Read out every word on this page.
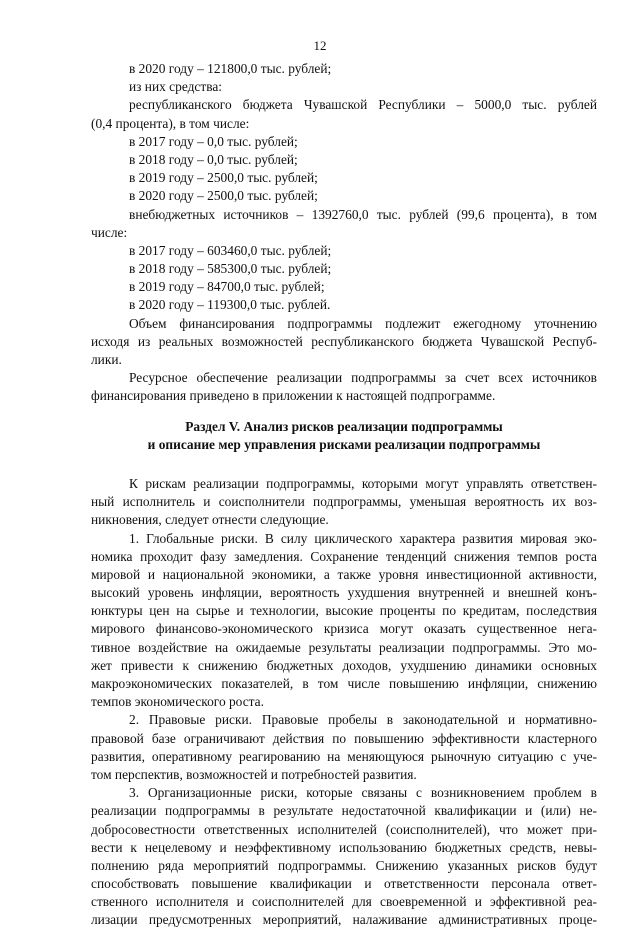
12
в 2020 году – 121800,0 тыс. рублей;
из них средства:
республиканского бюджета Чувашской Республики – 5000,0 тыс. рублей
(0,4 процента), в том числе:
в 2017 году – 0,0 тыс. рублей;
в 2018 году – 0,0 тыс. рублей;
в 2019 году – 2500,0 тыс. рублей;
в 2020 году – 2500,0 тыс. рублей;
внебюджетных источников – 1392760,0 тыс. рублей (99,6 процента), в том
числе:
в 2017 году – 603460,0 тыс. рублей;
в 2018 году – 585300,0 тыс. рублей;
в 2019 году – 84700,0 тыс. рублей;
в 2020 году – 119300,0 тыс. рублей.
Объем финансирования подпрограммы подлежит ежегодному уточнению
исходя из реальных возможностей республиканского бюджета Чувашской Респуб-
лики.
Ресурсное обеспечение реализации подпрограммы за счет всех источников
финансирования приведено в приложении к настоящей подпрограмме.
Раздел V. Анализ рисков реализации подпрограммы
и описание мер управления рисками реализации подпрограммы
К рискам реализации подпрограммы, которыми могут управлять ответствен-
ный исполнитель и соисполнители подпрограммы, уменьшая вероятность их воз-
никновения, следует отнести следующие.
1. Глобальные риски. В силу циклического характера развития мировая эко-
номика проходит фазу замедления. Сохранение тенденций снижения темпов роста
мировой и национальной экономики, а также уровня инвестиционной активности,
высокий уровень инфляции, вероятность ухудшения внутренней и внешней конъ-
юнктуры цен на сырье и технологии, высокие проценты по кредитам, последствия
мирового финансово-экономического кризиса могут оказать существенное нега-
тивное воздействие на ожидаемые результаты реализации подпрограммы. Это мо-
жет привести к снижению бюджетных доходов, ухудшению динамики основных
макроэкономических показателей, в том числе повышению инфляции, снижению
темпов экономического роста.
2. Правовые риски. Правовые пробелы в законодательной и нормативно-
правовой базе ограничивают действия по повышению эффективности кластерного
развития, оперативному реагированию на меняющуюся рыночную ситуацию с уче-
том перспектив, возможностей и потребностей развития.
3. Организационные риски, которые связаны с возникновением проблем в
реализации подпрограммы в результате недостаточной квалификации и (или) не-
добросовестности ответственных исполнителей (соисполнителей), что может при-
вести к нецелевому и неэффективному использованию бюджетных средств, невы-
полнению ряда мероприятий подпрограммы. Снижению указанных рисков будут
способствовать повышение квалификации и ответственности персонала ответ-
ственного исполнителя и соисполнителей для своевременной и эффективной реа-
лизации предусмотренных мероприятий, налаживание административных проце-
